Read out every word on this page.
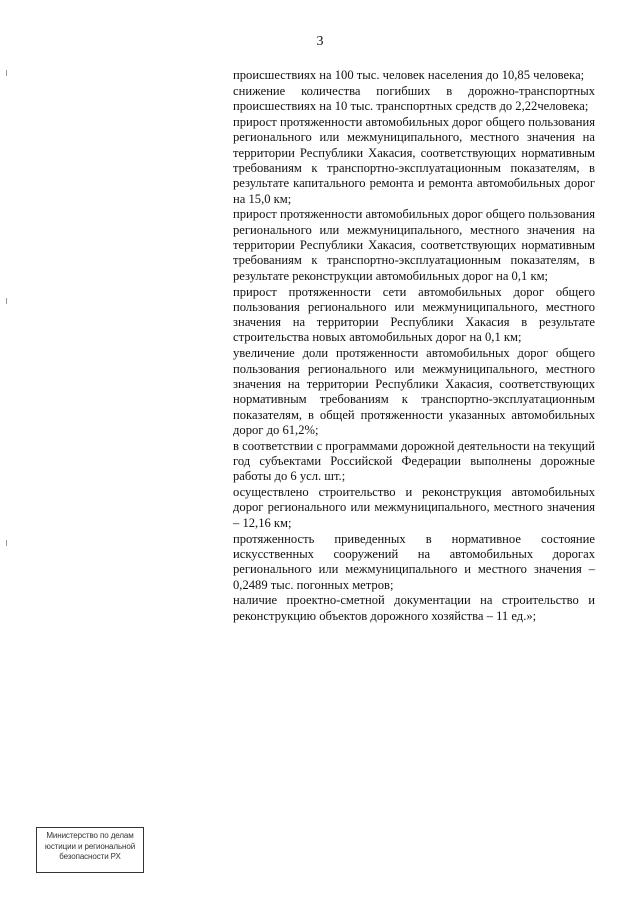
3

происшествиях на 100 тыс. человек населения до 10,85 человека;

снижение количества погибших в дорожно-транспортных происшествиях на 10 тыс. транспортных средств до 2,22человека;

прирост протяженности автомобильных дорог общего пользования регионального или межмуниципального, местного значения на территории Республики Хакасия, соответствующих нормативным требованиям к транспортно-эксплуатационным показателям, в результате капитального ремонта и ремонта автомобильных дорог на 15,0 км;

прирост протяженности автомобильных дорог общего пользования регионального или межмуниципального, местного значения на территории Республики Хакасия, соответствующих нормативным требованиям к транспортно-эксплуатационным показателям, в результате реконструкции автомобильных дорог на 0,1 км;

прирост протяженности сети автомобильных дорог общего пользования регионального или межмуниципального, местного значения на территории Республики Хакасия в результате строительства новых автомобильных дорог на 0,1 км;

увеличение доли протяженности автомобильных дорог общего пользования регионального или межмуниципального, местного значения на территории Республики Хакасия, соответствующих нормативным требованиям к транспортно-эксплуатационным показателям, в общей протяженности указанных автомобильных дорог до 61,2%;

в соответствии с программами дорожной деятельности на текущий год субъектами Российской Федерации выполнены дорожные работы до 6 усл. шт.;

осуществлено строительство и реконструкция автомобильных дорог регионального или межмуниципального, местного значения – 12,16 км;

протяженность приведенных в нормативное состояние искусственных сооружений на автомобильных дорогах регионального или межмуниципального и местного значения – 0,2489 тыс. погонных метров;

наличие проектно-сметной документации на строительство и реконструкцию объектов дорожного хозяйства – 11 ед.»;

Министерство по делам
юстиции и региональной
безопасности РХ
